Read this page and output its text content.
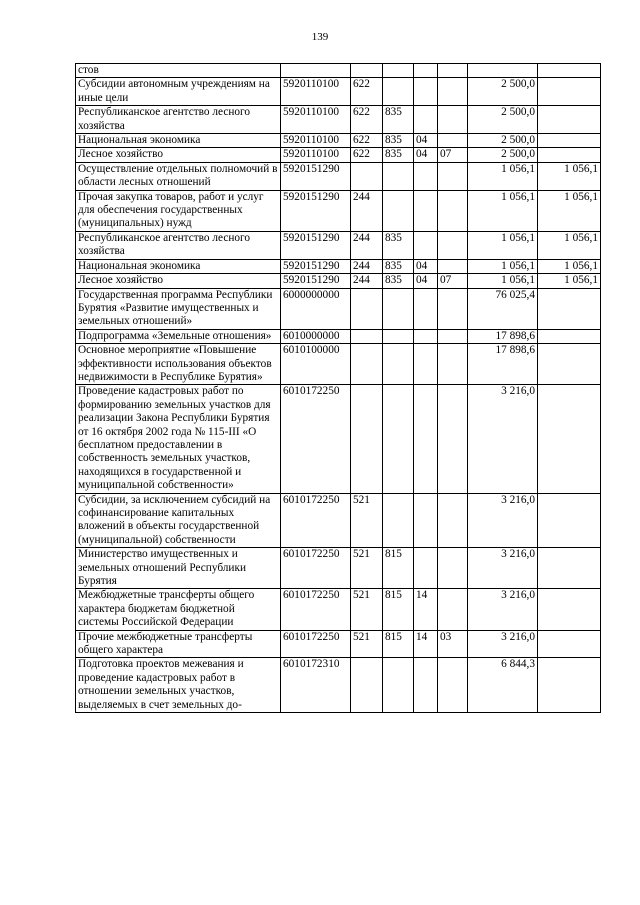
139
стов							
Субсидии автономным учреждениям на иные цели	5920110100	622				2 500,0	
Республиканское агентство лесного хозяйства	5920110100	622	835			2 500,0	
Национальная экономика	5920110100	622	835	04		2 500,0	
Лесное хозяйство	5920110100	622	835	04	07	2 500,0	
Осуществление отдельных полномочий в области лесных отношений	5920151290					1 056,1	1 056,1
Прочая закупка товаров, работ и услуг для обеспечения государственных (муниципальных) нужд	5920151290	244				1 056,1	1 056,1
Республиканское агентство лесного хозяйства	5920151290	244	835			1 056,1	1 056,1
Национальная экономика	5920151290	244	835	04		1 056,1	1 056,1
Лесное хозяйство	5920151290	244	835	04	07	1 056,1	1 056,1
Государственная программа Республики Бурятия «Развитие имущественных и земельных отношений»	6000000000					76 025,4	
Подпрограмма «Земельные отношения»	6010000000					17 898,6	
Основное мероприятие «Повышение эффективности использования объектов недвижимости в Республике Бурятия»	6010100000					17 898,6	
Проведение кадастровых работ по формированию земельных участков для реализации Закона Республики Бурятия от 16 октября 2002 года № 115-III «О бесплатном предоставлении в собственность земельных участков, находящихся в государственной и муниципальной собственности»	6010172250					3 216,0	
Субсидии, за исключением субсидий на софинансирование капитальных вложений в объекты государственной (муниципальной) собственности	6010172250	521				3 216,0	
Министерство имущественных и земельных отношений Республики Бурятия	6010172250	521	815			3 216,0	
Межбюджетные трансферты общего характера бюджетам бюджетной системы Российской Федерации	6010172250	521	815	14		3 216,0	
Прочие межбюджетные трансферты общего характера	6010172250	521	815	14	03	3 216,0	
Подготовка проектов межевания и проведение кадастровых работ в отношении земельных участков, выделяемых в счет земельных до-	6010172310					6 844,3	
